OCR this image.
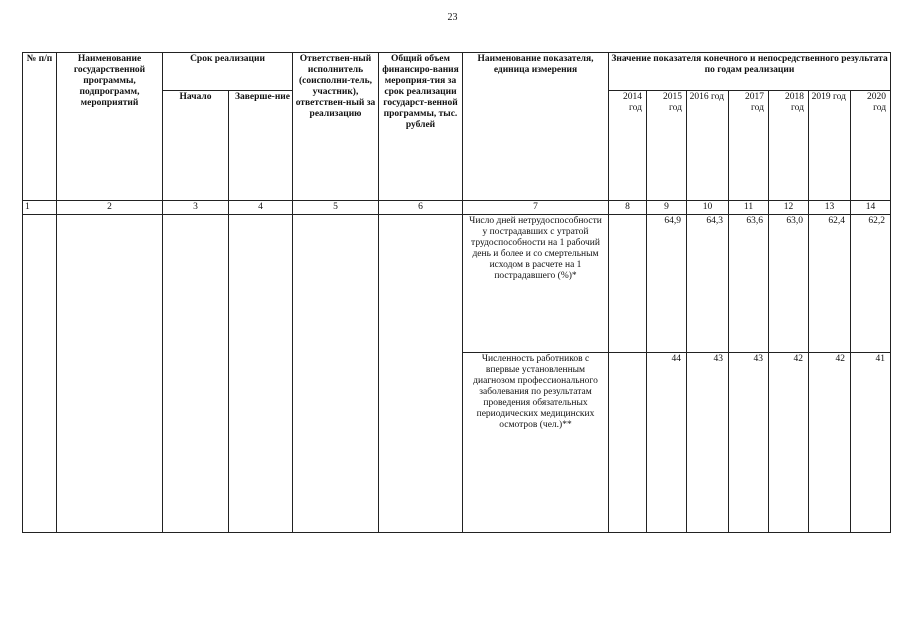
23
№ п/п	Наименование государственной программы, подпрограмм, мероприятий	Срок реализации		Ответствен-ный исполнитель (соисполни-тель, участник), ответствен-ный за реализацию	Общий объем финансиро-вания мероприя-тия за срок реализации государст-венной программы, тыс. рублей	Наименование показателя, единица измерения	Значение показателя конечного и непосредственного результата по годам реализации						
		Начало	Заверше-ние				2014 год	2015 год	2016 год	2017 год	2018 год	2019 год	2020 год
1	2	3	4	5	6	7	8	9	10	11	12	13	14
						Число дней нетрудоспособности у пострадавших с утратой трудоспособности на 1 рабочий день и более и со смертельным исходом в расчете на 1 пострадавшего (%)*		64,9	64,3	63,6	63,0	62,4	62,2
						Численность работников с впервые установленным диагнозом профессионального заболевания по результатам проведения обязательных периодических медицинских осмотров (чел.)**		44	43	43	42	42	41
